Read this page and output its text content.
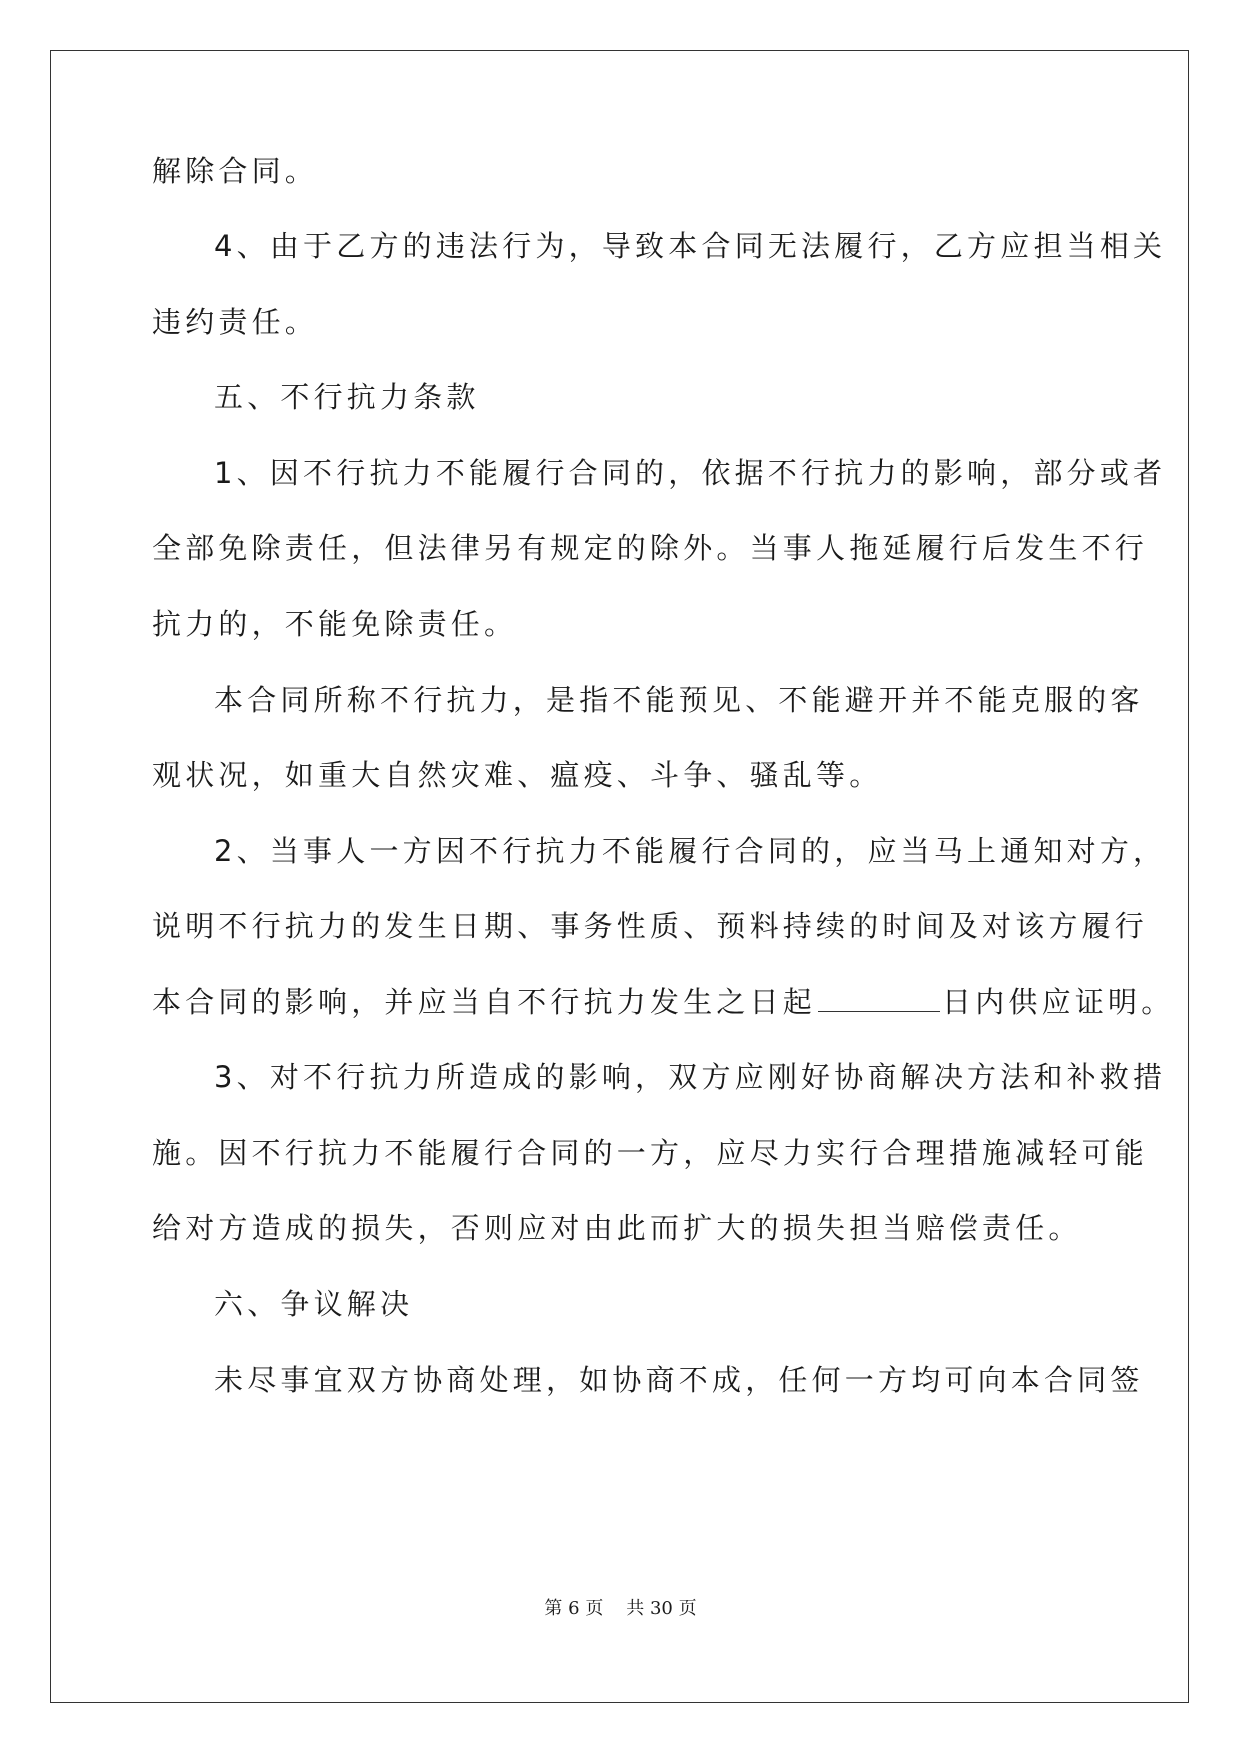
解除合同。
4、由于乙方的违法行为，导致本合同无法履行，乙方应担当相关
违约责任。
五、不行抗力条款
1、因不行抗力不能履行合同的，依据不行抗力的影响，部分或者
全部免除责任，但法律另有规定的除外。当事人拖延履行后发生不行
抗力的，不能免除责任。
本合同所称不行抗力，是指不能预见、不能避开并不能克服的客
观状况，如重大自然灾难、瘟疫、斗争、骚乱等。
2、当事人一方因不行抗力不能履行合同的，应当马上通知对方，
说明不行抗力的发生日期、事务性质、预料持续的时间及对该方履行
本合同的影响，并应当自不行抗力发生之日起	日内供应证明。
3、对不行抗力所造成的影响，双方应刚好协商解决方法和补救措
施。因不行抗力不能履行合同的一方，应尽力实行合理措施减轻可能
给对方造成的损失，否则应对由此而扩大的损失担当赔偿责任。
六、争议解决
未尽事宜双方协商处理，如协商不成，任何一方均可向本合同签
第 6 页 共 30 页
